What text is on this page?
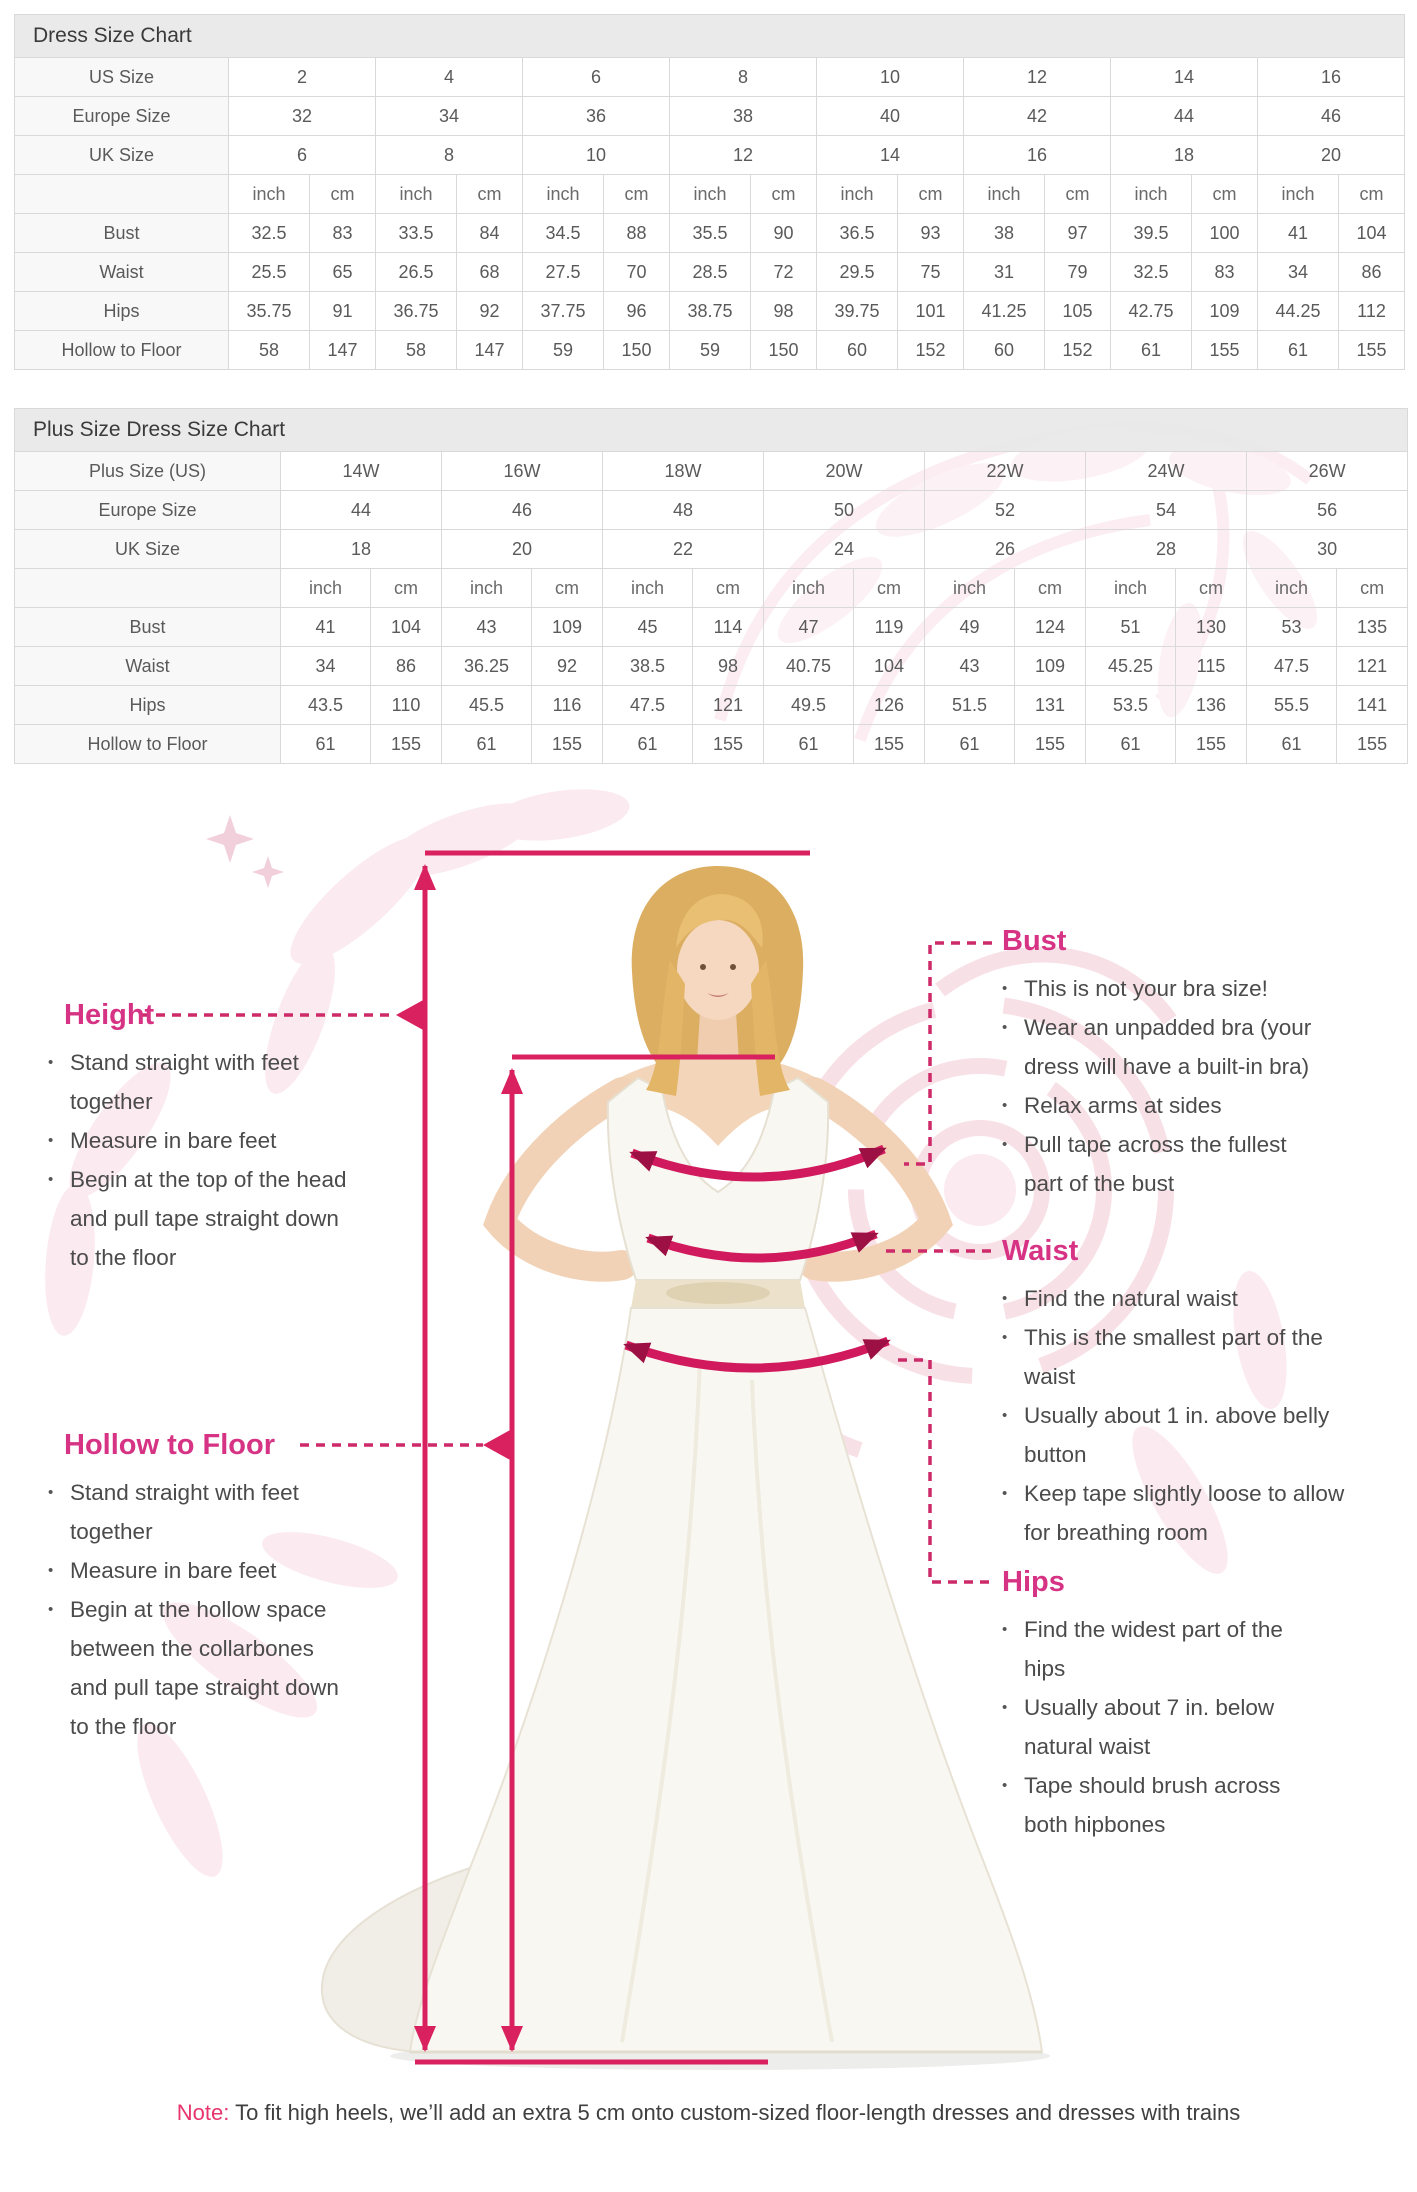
Dress Size Chart																
US Size	2		4		6		8		10		12		14		16	
Europe Size	32		34		36		38		40		42		44		46	
UK Size	6		8		10		12		14		16		18		20	
	inch	cm	inch	cm	inch	cm	inch	cm	inch	cm	inch	cm	inch	cm	inch	cm
Bust	32.5	83	33.5	84	34.5	88	35.5	90	36.5	93	38	97	39.5	100	41	104
Waist	25.5	65	26.5	68	27.5	70	28.5	72	29.5	75	31	79	32.5	83	34	86
Hips	35.75	91	36.75	92	37.75	96	38.75	98	39.75	101	41.25	105	42.75	109	44.25	112
Hollow to Floor	58	147	58	147	59	150	59	150	60	152	60	152	61	155	61	155
Plus Size Dress Size Chart														
Plus Size (US)	14W		16W		18W		20W		22W		24W		26W	
Europe Size	44		46		48		50		52		54		56	
UK Size	18		20		22		24		26		28		30	
	inch	cm	inch	cm	inch	cm	inch	cm	inch	cm	inch	cm	inch	cm
Bust	41	104	43	109	45	114	47	119	49	124	51	130	53	135
Waist	34	86	36.25	92	38.5	98	40.75	104	43	109	45.25	115	47.5	121
Hips	43.5	110	45.5	116	47.5	121	49.5	126	51.5	131	53.5	136	55.5	141
Hollow to Floor	61	155	61	155	61	155	61	155	61	155	61	155	61	155
Height
• Stand straight with feet together
• Measure in bare feet
• Begin at the top of the head and pull tape straight down to the floor
Hollow to Floor
• Stand straight with feet together
• Measure in bare feet
• Begin at the hollow space between the collarbones and pull tape straight down to the floor
Bust
• This is not your bra size!
• Wear an unpadded bra (your dress will have a built-in bra)
• Relax arms at sides
• Pull tape across the fullest part of the bust
Waist
• Find the natural waist
• This is the smallest part of the waist
• Usually about 1 in. above belly button
• Keep tape slightly loose to allow for breathing room
Hips
• Find the widest part of the hips
• Usually about 7 in. below natural waist
• Tape should brush across both hipbones
Note: To fit high heels, we’ll add an extra 5 cm onto custom-sized floor-length dresses and dresses with trains
